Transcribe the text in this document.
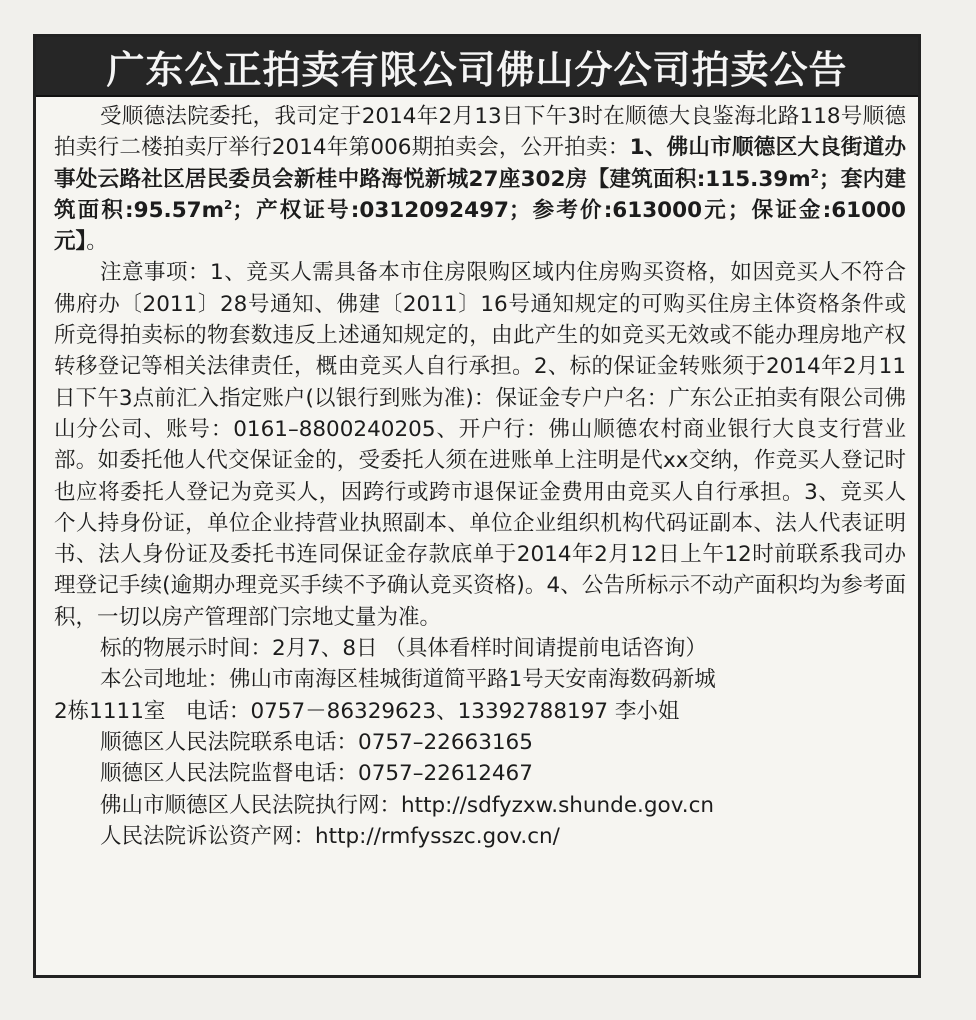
广东公正拍卖有限公司佛山分公司拍卖公告

受顺德法院委托，我司定于2014年2月13日下午3时在顺德大良鉴海北路118号顺德拍卖行二楼拍卖厅举行2014年第006期拍卖会，公开拍卖：1、佛山市顺德区大良街道办事处云路社区居民委员会新桂中路海悦新城27座302房【建筑面积$:115.39m^2$；套内建筑面积$:95.57m^2$；产权证号:0312092497；参考价:613000元；保证金:61000元】。

注意事项：1、竞买人需具备本市住房限购区域内住房购买资格，如因竞买人不符合佛府办〔2011〕28号通知、佛建〔2011〕16号通知规定的可购买住房主体资格条件或所竞得拍卖标的物套数违反上述通知规定的，由此产生的如竞买无效或不能办理房地产权转移登记等相关法律责任，概由竞买人自行承担。2、标的保证金转账须于2014年2月11日下午3点前汇入指定账户(以银行到账为准)：保证金专户户名：广东公正拍卖有限公司佛山分公司、账号：0161–8800240205、开户行：佛山顺德农村商业银行大良支行营业部。如委托他人代交保证金的，受委托人须在进账单上注明是代xx交纳，作竞买人登记时也应将委托人登记为竞买人，因跨行或跨市退保证金费用由竞买人自行承担。3、竞买人个人持身份证，单位企业持营业执照副本、单位企业组织机构代码证副本、法人代表证明书、法人身份证及委托书连同保证金存款底单于2014年2月12日上午12时前联系我司办理登记手续(逾期办理竞买手续不予确认竞买资格)。4、公告所标示不动产面积均为参考面积，一切以房产管理部门宗地丈量为准。

标的物展示时间：2月7、8日 （具体看样时间请提前电话咨询）

本公司地址：佛山市南海区桂城街道简平路1号天安南海数码新城

2栋1111室 电话：0757－86329623、13392788197 李小姐

顺德区人民法院联系电话：0757–22663165

顺德区人民法院监督电话：0757–22612467

佛山市顺德区人民法院执行网：http://sdfyzxw.shunde.gov.cn

人民法院诉讼资产网：http://rmfysszc.gov.cn/
